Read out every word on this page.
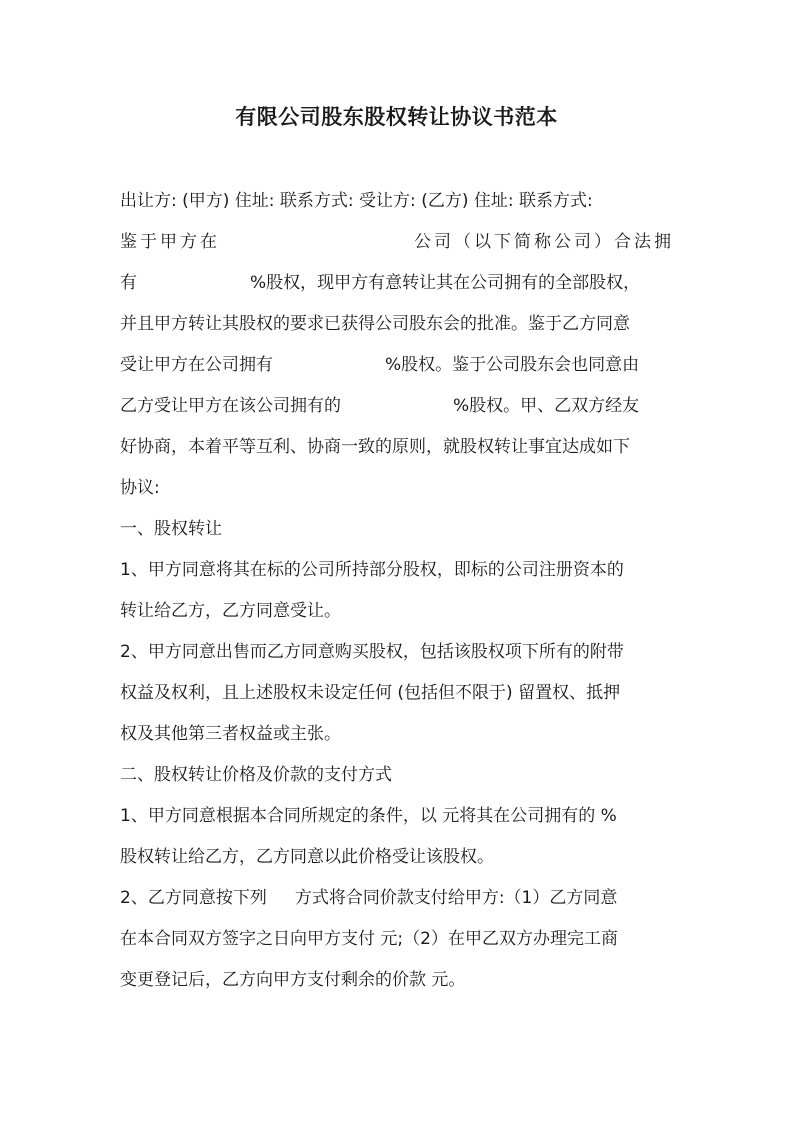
有限公司股东股权转让协议书范本
出让方: (甲方) 住址: 联系方式: 受让方: (乙方) 住址: 联系方式:
鉴于甲方在	公司（以下简称公司）合法拥
有	%股权，现甲方有意转让其在公司拥有的全部股权，
并且甲方转让其股权的要求已获得公司股东会的批准。鉴于乙方同意
受让甲方在公司拥有	%股权。鉴于公司股东会也同意由
乙方受让甲方在该公司拥有的	%股权。甲、乙双方经友
好协商，本着平等互利、协商一致的原则，就股权转让事宜达成如下
协议:
一、股权转让
1、甲方同意将其在标的公司所持部分股权，即标的公司注册资本的
转让给乙方，乙方同意受让。
2、甲方同意出售而乙方同意购买股权，包括该股权项下所有的附带
权益及权利，且上述股权未设定任何 (包括但不限于) 留置权、抵押
权及其他第三者权益或主张。
二、股权转让价格及价款的支付方式
1、甲方同意根据本合同所规定的条件，以 元将其在公司拥有的 %
股权转让给乙方，乙方同意以此价格受让该股权。
2、乙方同意按下列 方式将合同价款支付给甲方:（1）乙方同意
在本合同双方签字之日向甲方支付 元;（2）在甲乙双方办理完工商
变更登记后，乙方向甲方支付剩余的价款 元。
